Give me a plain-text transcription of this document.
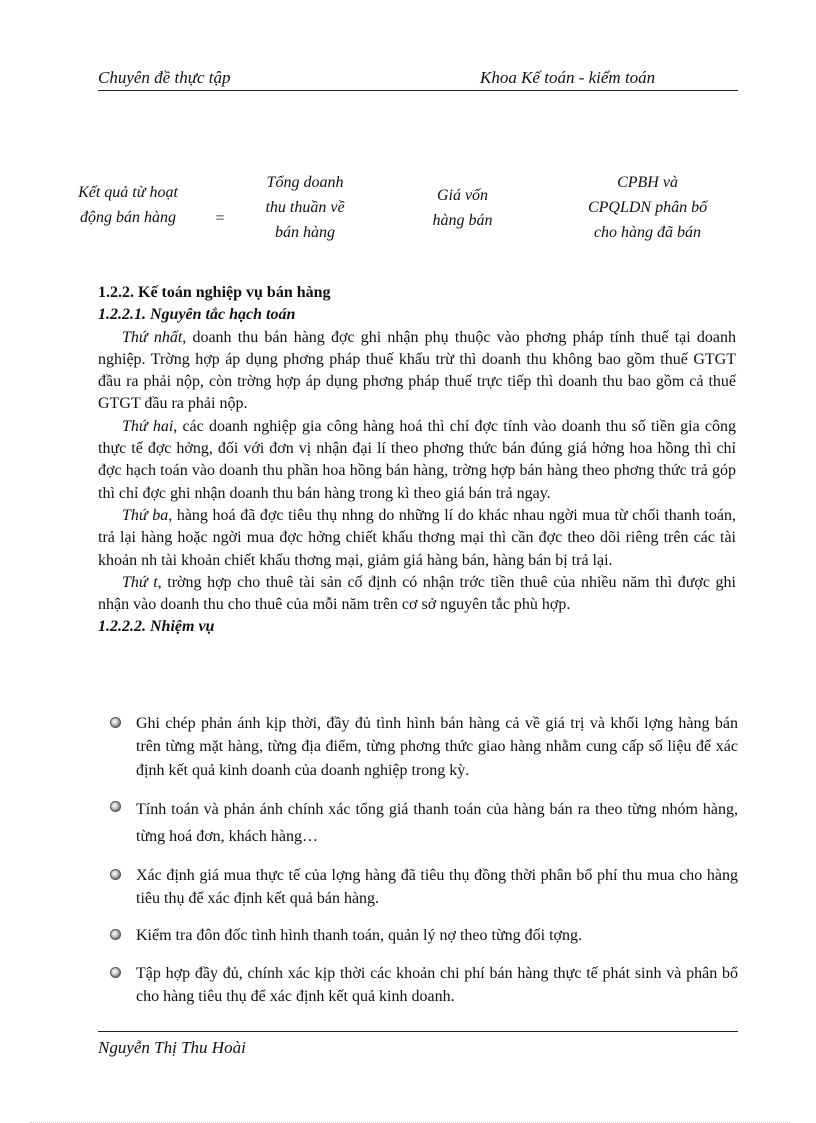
Chuyên đề thực tập	Khoa Kế toán - kiểm toán
Kết quả từ hoạt
động bán hàng	=
Tổng doanh
thu thuần về
bán hàng
Giá vốn
hàng bán
CPBH và
CPQLDN phân bổ
cho hàng đã bán
1.2.2. Kế toán nghiệp vụ bán hàng
1.2.2.1. Nguyên tắc hạch toán

Thứ nhất, doanh thu bán hàng đợc ghi nhận phụ thuộc vào phơng pháp tính thuế tại doanh nghiệp. Trờng hợp áp dụng phơng pháp thuế khấu trừ thì doanh thu không bao gồm thuế GTGT đầu ra phải nộp, còn trờng hợp áp dụng phơng pháp thuế trực tiếp thì doanh thu bao gồm cả thuế GTGT đầu ra phải nộp.

Thứ hai, các doanh nghiệp gia công hàng hoá thì chỉ đợc tính vào doanh thu số tiền gia công thực tế đợc hởng, đối với đơn vị nhận đại lí theo phơng thức bán đúng giá hởng hoa hồng thì chỉ đợc hạch toán vào doanh thu phần hoa hồng bán hàng, trờng hợp bán hàng theo phơng thức trả góp thì chỉ đợc ghi nhận doanh thu bán hàng trong kì theo giá bán trả ngay.

Thứ ba, hàng hoá đã đợc tiêu thụ nhng do những lí do khác nhau ngời mua từ chối thanh toán, trả lại hàng hoặc ngời mua đợc hởng chiết khấu thơng mại thì cần đợc theo dõi riêng trên các tài khoản nh tài khoản chiết khấu thơng mại, giảm giá hàng bán, hàng bán bị trả lại.

Thứ t, trờng hợp cho thuê tài sản cố định có nhận trớc tiền thuê của nhiều năm thì được ghi nhận vào doanh thu cho thuê của mỗi năm trên cơ sở nguyên tắc phù hợp.

1.2.2.2. Nhiệm vụ
Ghi chép phản ánh kịp thời, đầy đủ tình hình bán hàng cả về giá trị và khối lợng hàng bán trên từng mặt hàng, từng địa điểm, từng phơng thức giao hàng nhằm cung cấp số liệu để xác định kết quả kinh doanh của doanh nghiệp trong kỳ.
Tính toán và phản ánh chính xác tổng giá thanh toán của hàng bán ra theo từng nhóm hàng, từng hoá đơn, khách hàng…
Xác định giá mua thực tế của lợng hàng đã tiêu thụ đồng thời phân bổ phí thu mua cho hàng tiêu thụ để xác định kết quả bán hàng.
Kiểm tra đôn đốc tình hình thanh toán, quản lý nợ theo từng đối tợng.
Tập hợp đầy đủ, chính xác kịp thời các khoản chi phí bán hàng thực tế phát sinh và phân bổ cho hàng tiêu thụ để xác định kết quả kinh doanh.
Nguyễn Thị Thu Hoài
